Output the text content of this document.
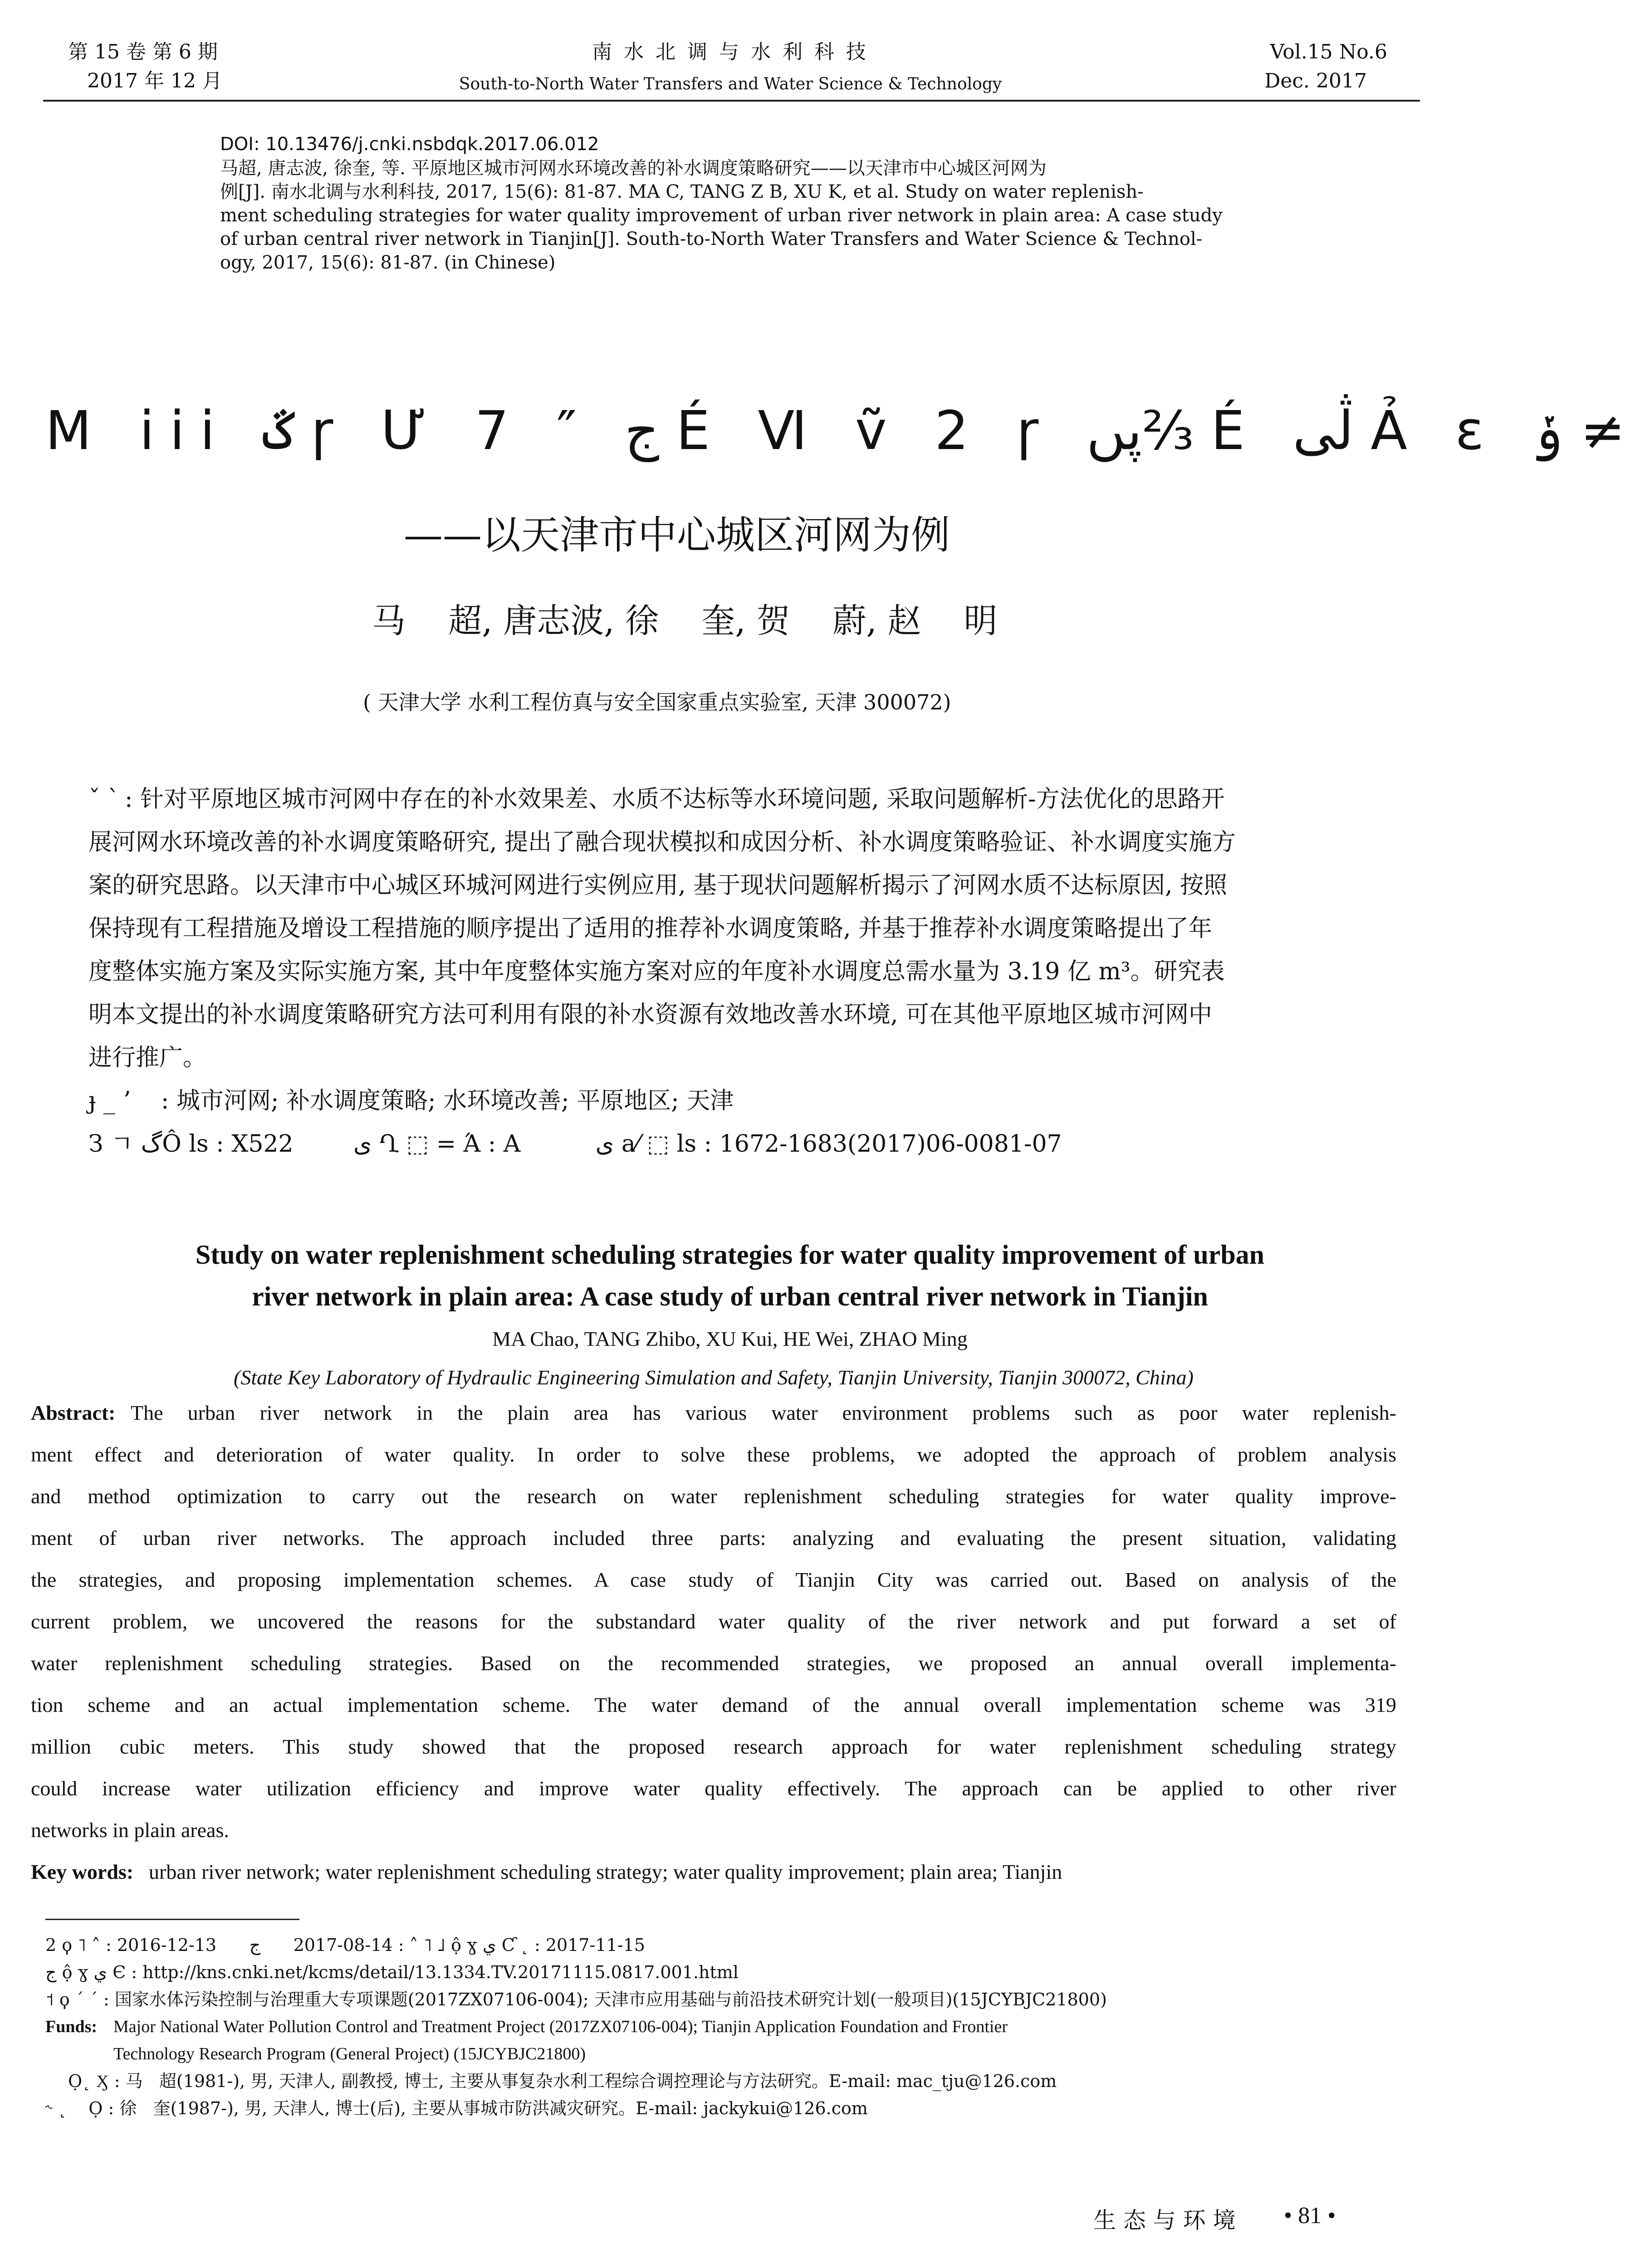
第 15 卷 第 6 期
2017 年 12 月
南 水 北 调 与 水 利 科 技
South-to-North Water Transfers and Water Science & Technology
Vol.15 No.6
Dec. 2017
DOI: 10.13476/j.cnki.nsbdqk.2017.06.012
马超, 唐志波, 徐奎, 等. 平原地区城市河网水环境改善的补水调度策略研究——以天津市中心城区河网为
例[J]. 南水北调与水利科技, 2017, 15(6): 81-87. MA C, TANG Z B, XU K, et al. Study on water replenish-
ment scheduling strategies for water quality improvement of urban river network in plain area: A case study
of urban central river network in Tianjin[J]. South-to-North Water Transfers and Water Science & Technol-
ogy, 2017, 15(6): 81-87. (in Chinese)
Μ iii ػ ɼ Ư 7 ″ ج É Ⅵ ṽ 2 ɼ پں⅔ É ڷى Ả ɛ ݸ ≠
——以天津市中心城区河网为例
马    超, 唐志波, 徐    奎, 贺    蔚, 赵    明
( 天津大学 水利工程仿真与安全国家重点实验室, 天津 300072)
ˇ ˋ : 针对平原地区城市河网中存在的补水效果差、水质不达标等水环境问题, 采取问题解析-方法优化的思路开
展河网水环境改善的补水调度策略研究, 提出了融合现状模拟和成因分析、补水调度策略验证、补水调度实施方
案的研究思路。以天津市中心城区环城河网进行实例应用, 基于现状问题解析揭示了河网水质不达标原因, 按照
保持现有工程措施及增设工程措施的顺序提出了适用的推荐补水调度策略, 并基于推荐补水调度策略提出了年
度整体实施方案及实际实施方案, 其中年度整体实施方案对应的年度补水调度总需水量为 3.19 亿 m³。研究表
明本文提出的补水调度策略研究方法可利用有限的补水资源有效地改善水环境, 可在其他平原地区城市河网中
进行推广。
ɟ _ ʼ : 城市河网; 补水调度策略; 水环境改善; 平原地区; 天津
З ㄱ گÔ ls : X522        ى Ղ ⬚ = Ά : A          ى a⁄ ⬚ ls : 1672-1683(2017)06-0081-07
Study on water replenishment scheduling strategies for water quality improvement of urban
river network in plain area: A case study of urban central river network in Tianjin
MA Chao, TANG Zhibo, XU Kui, HE Wei, ZHAO Ming
(State Key Laboratory of Hydraulic Engineering Simulation and Safety, Tianjin University, Tianjin 300072, China)
Abstract: The urban river network in the plain area has various water environment problems such as poor water replenish-
ment effect and deterioration of water quality. In order to solve these problems, we adopted the approach of problem analysis
and method optimization to carry out the research on water replenishment scheduling strategies for water quality improve-
ment of urban river networks. The approach included three parts: analyzing and evaluating the present situation, validating
the strategies, and proposing implementation schemes. A case study of Tianjin City was carried out. Based on analysis of the
current problem, we uncovered the reasons for the substandard water quality of the river network and put forward a set of
water replenishment scheduling strategies. Based on the recommended strategies, we proposed an annual overall implementa-
tion scheme and an actual implementation scheme. The water demand of the annual overall implementation scheme was 319
million cubic meters. This study showed that the proposed research approach for water replenishment scheduling strategy
could increase water utilization efficiency and improve water quality effectively. The approach can be applied to other river
networks in plain areas.
Key words: urban river network; water replenishment scheduling strategy; water quality improvement; plain area; Tianjin
2 ϙ ˥ ˄ : 2016-12-13      ࡋ ˥ ˄ : 2017-08-14      ج ộ ɣ ي Ƈ ˛ : 2017-11-15
ج ộ ɣ ي Є : http://kns.cnki.net/kcms/detail/13.1334.TV.20171115.0817.001.html
˦ ϙ ˊ ˊ : 国家水体污染控制与治理重大专项课题(2017ZX07106-004); 天津市应用基础与前沿技术研究计划(一般项目)(15JCYBJC21800)
Funds: Major National Water Pollution Control and Treatment Project (2017ZX07106-004); Tianjin Application Foundation and Frontier
Technology Research Program (General Project) (15JCYBJC21800)
Ọ˛ Ӽ : 马   超(1981-), 男, 天津人, 副教授, 博士, 主要从事复杂水利工程综合调控理论与方法研究。E-mail: mac_tju@126.com
˞ ˛    Ọ : 徐   奎(1987-), 男, 天津人, 博士(后), 主要从事城市防洪减灾研究。E-mail: jackykui@126.com
生 态 与 环 境 • 81 •
